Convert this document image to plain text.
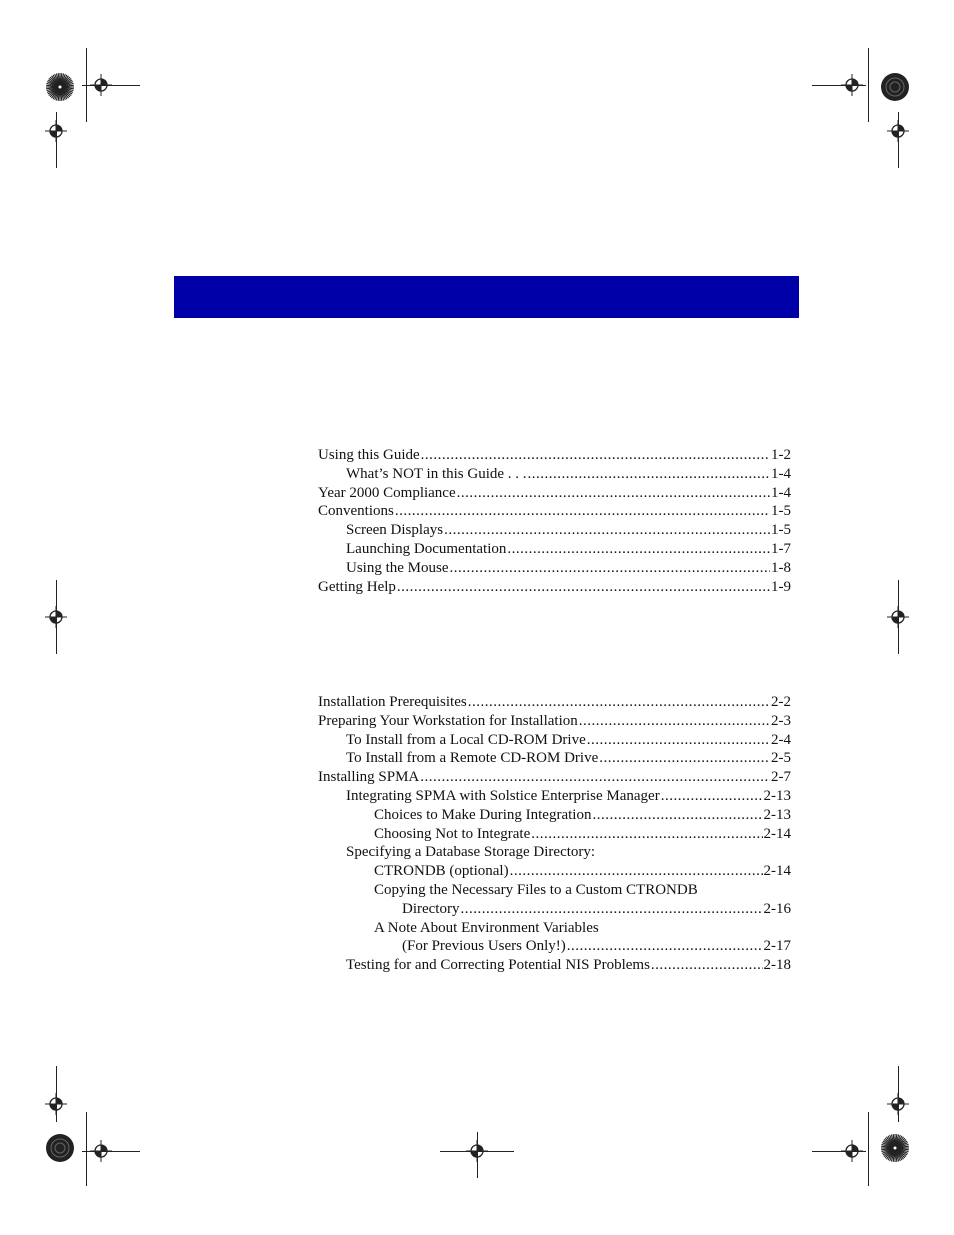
Using this Guide .....	1-2
What’s NOT in this Guide . . . .....	1-4
Year 2000 Compliance .....	1-4
Conventions .....	1-5
Screen Displays .....	1-5
Launching Documentation .....	1-7
Using the Mouse .....	1-8
Getting Help .....	1-9
Installation Prerequisites .....	2-2
Preparing Your Workstation for Installation .....	2-3
To Install from a Local CD-ROM Drive .....	2-4
To Install from a Remote CD-ROM Drive .....	2-5
Installing SPMA .....	2-7
Integrating SPMA with Solstice Enterprise Manager .....	2-13
Choices to Make During Integration .....	2-13
Choosing Not to Integrate .....	2-14
Specifying a Database Storage Directory:
CTRONDB (optional) .....	2-14
Copying the Necessary Files to a Custom CTRONDB
Directory .....	2-16
A Note About Environment Variables
(For Previous Users Only!) .....	2-17
Testing for and Correcting Potential NIS Problems .....	2-18
